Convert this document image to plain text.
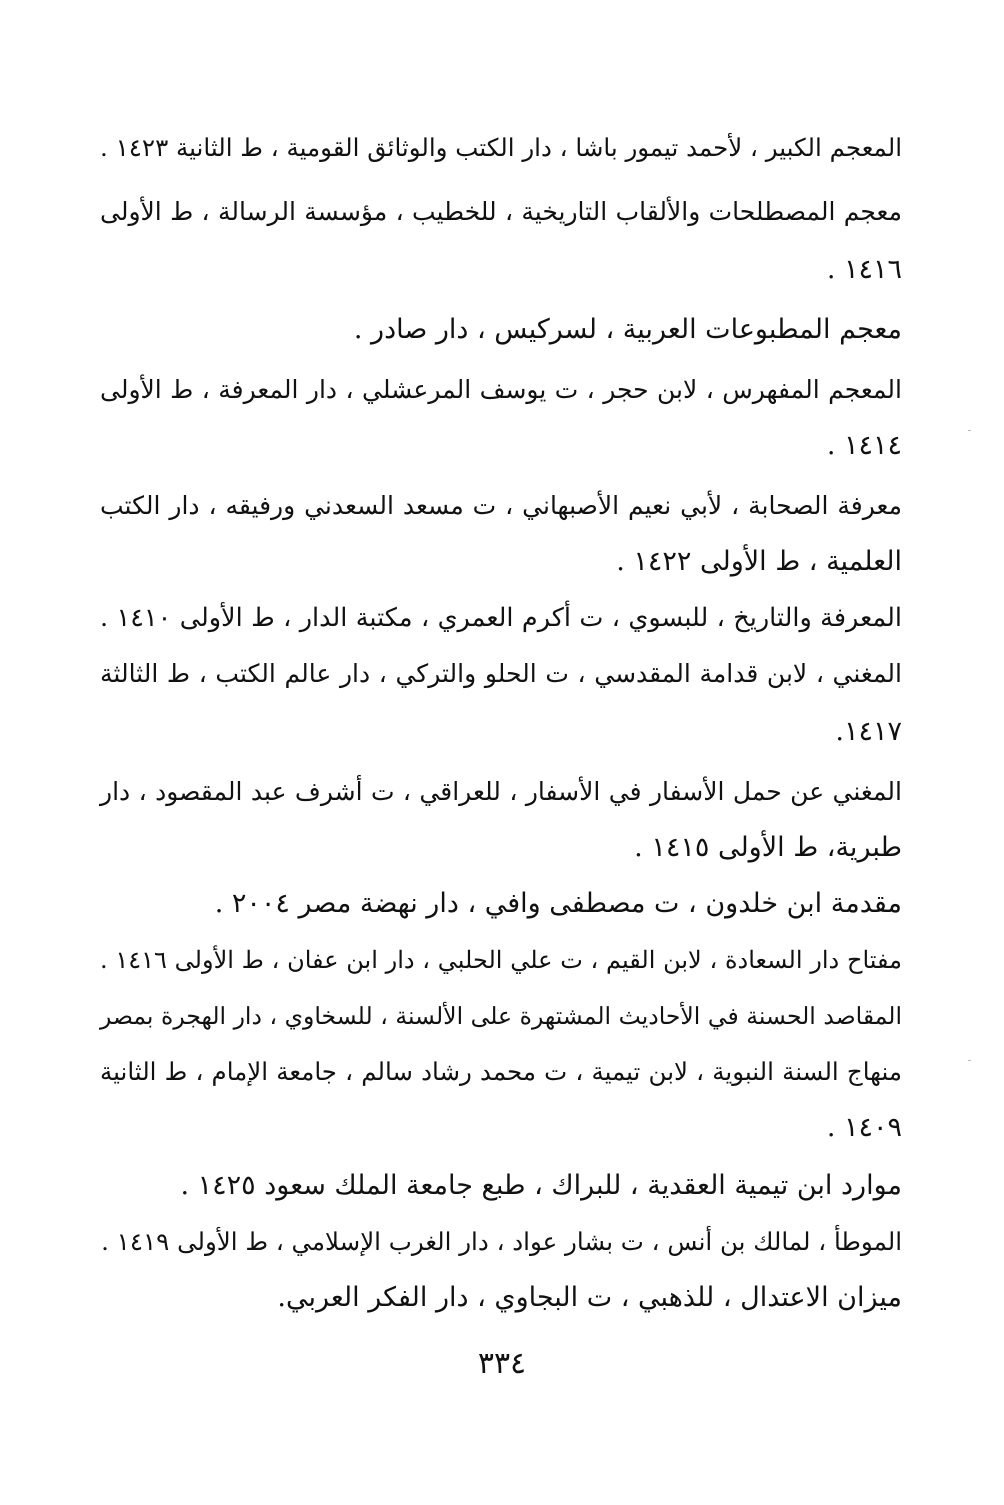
المعجم الكبير ، لأحمد تيمور باشا ، دار الكتب والوثائق القومية ، ط الثانية ١٤٢٣ .
معجم المصطلحات والألقاب التاريخية ، للخطيب ، مؤسسة الرسالة ، ط الأولى
١٤١٦ .
معجم المطبوعات العربية ، لسركيس ، دار صادر .
المعجم المفهرس ، لابن حجر ، ت يوسف المرعشلي ، دار المعرفة ، ط الأولى
١٤١٤ .
معرفة الصحابة ، لأبي نعيم الأصبهاني ، ت مسعد السعدني ورفيقه ، دار الكتب
العلمية ، ط الأولى ١٤٢٢ .
المعرفة والتاريخ ، للبسوي ، ت أكرم العمري ، مكتبة الدار ، ط الأولى ١٤١٠ .
المغني ، لابن قدامة المقدسي ، ت الحلو والتركي ، دار عالم الكتب ، ط الثالثة
١٤١٧.
المغني عن حمل الأسفار في الأسفار ، للعراقي ، ت أشرف عبد المقصود ، دار
طبرية، ط الأولى ١٤١٥ .
مقدمة ابن خلدون ، ت مصطفى وافي ، دار نهضة مصر ٢٠٠٤ .
مفتاح دار السعادة ، لابن القيم ، ت علي الحلبي ، دار ابن عفان ، ط الأولى ١٤١٦ .
المقاصد الحسنة في الأحاديث المشتهرة على الألسنة ، للسخاوي ، دار الهجرة بمصر
منهاج السنة النبوية ، لابن تيمية ، ت محمد رشاد سالم ، جامعة الإمام ، ط الثانية
١٤٠٩ .
موارد ابن تيمية العقدية ، للبراك ، طبع جامعة الملك سعود ١٤٢٥ .
الموطأ ، لمالك بن أنس ، ت بشار عواد ، دار الغرب الإسلامي ، ط الأولى ١٤١٩ .
ميزان الاعتدال ، للذهبي ، ت البجاوي ، دار الفكر العربي.
٣٣٤
